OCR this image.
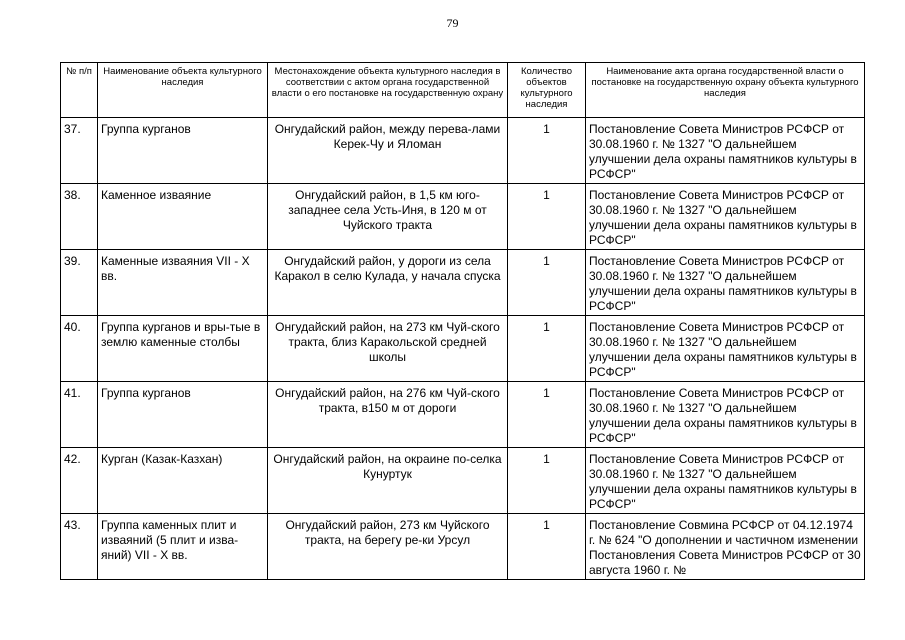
79
№ п/п	Наименование объекта культурного наследия	Местонахождение объекта культурного наследия в соответствии с актом органа государственной власти о его постановке на государственную охрану	Количество объектов культурного наследия	Наименование акта органа государственной власти о постановке на государственную охрану объекта культурного наследия
37.	Группа курганов	Онгудайский район, между перева-лами Керек-Чу и Яломан	1	Постановление Совета Министров РСФСР от 30.08.1960 г. № 1327 "О дальнейшем улучшении дела охраны памятников культуры в РСФСР"
38.	Каменное изваяние	Онгудайский район, в 1,5 км юго-западнее села Усть-Иня, в 120 м от Чуйского тракта	1	Постановление Совета Министров РСФСР от 30.08.1960 г. № 1327 "О дальнейшем улучшении дела охраны памятников культуры в РСФСР"
39.	Каменные изваяния VII - X вв.	Онгудайский район, у дороги из села Каракол в селю Кулада, у начала спуска	1	Постановление Совета Министров РСФСР от 30.08.1960 г. № 1327 "О дальнейшем улучшении дела охраны памятников культуры в РСФСР"
40.	Группа курганов и вры-тые в землю каменные столбы	Онгудайский район, на 273 км Чуй-ского тракта, близ Каракольской средней школы	1	Постановление Совета Министров РСФСР от 30.08.1960 г. № 1327 "О дальнейшем улучшении дела охраны памятников культуры в РСФСР"
41.	Группа курганов	Онгудайский район, на 276 км Чуй-ского тракта, в150 м от дороги	1	Постановление Совета Министров РСФСР от 30.08.1960 г. № 1327 "О дальнейшем улучшении дела охраны памятников культуры в РСФСР"
42.	Курган (Казак-Казхан)	Онгудайский район, на окраине по-селка Кунуртук	1	Постановление Совета Министров РСФСР от 30.08.1960 г. № 1327 "О дальнейшем улучшении дела охраны памятников культуры в РСФСР"
43.	Группа каменных плит и изваяний (5 плит и изва-яний) VII - X вв.	Онгудайский район, 273 км Чуйского тракта, на берегу ре-ки Урсул	1	Постановление Совмина РСФСР от 04.12.1974 г. № 624 "О дополнении и частичном изменении Постановления Совета Министров РСФСР от 30 августа 1960 г. №
